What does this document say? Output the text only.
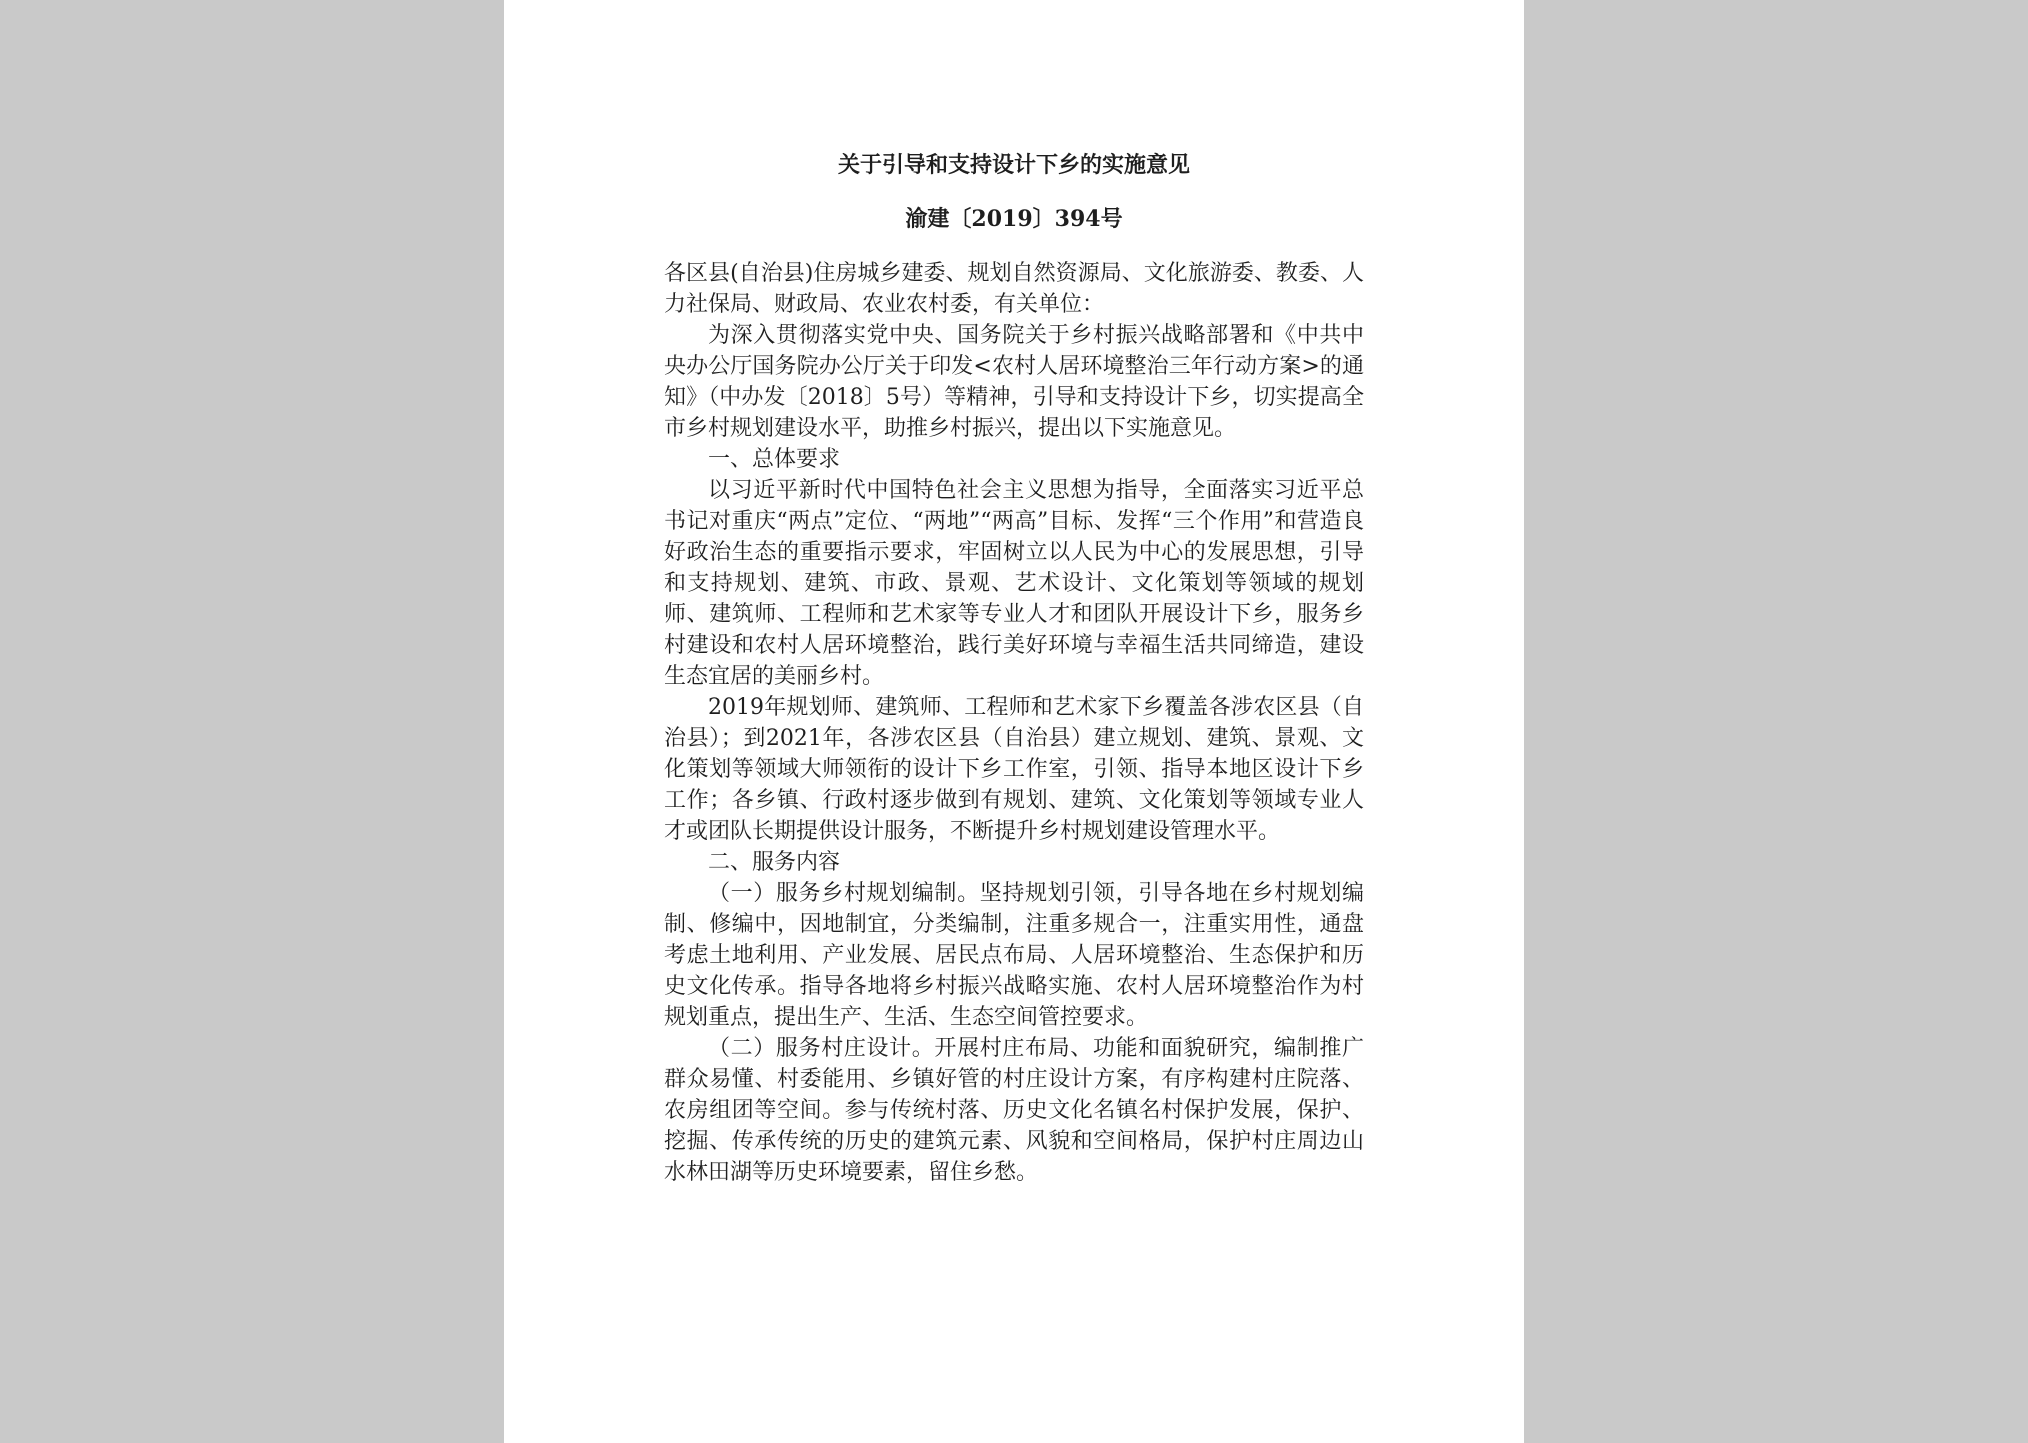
关于引导和支持设计下乡的实施意见

渝建〔2019〕394号

各区县(自治县)住房城乡建委、规划自然资源局、文化旅游委、教委、人力社保局、财政局、农业农村委，有关单位：

为深入贯彻落实党中央、国务院关于乡村振兴战略部署和《中共中央办公厅国务院办公厅关于印发<农村人居环境整治三年行动方案>的通知》（中办发〔2018〕5号）等精神，引导和支持设计下乡，切实提高全市乡村规划建设水平，助推乡村振兴，提出以下实施意见。

一、总体要求

以习近平新时代中国特色社会主义思想为指导，全面落实习近平总书记对重庆“两点”定位、“两地”“两高”目标、发挥“三个作用”和营造良好政治生态的重要指示要求，牢固树立以人民为中心的发展思想，引导和支持规划、建筑、市政、景观、艺术设计、文化策划等领域的规划师、建筑师、工程师和艺术家等专业人才和团队开展设计下乡，服务乡村建设和农村人居环境整治，践行美好环境与幸福生活共同缔造，建设生态宜居的美丽乡村。

2019年规划师、建筑师、工程师和艺术家下乡覆盖各涉农区县（自治县）；到2021年，各涉农区县（自治县）建立规划、建筑、景观、文化策划等领域大师领衔的设计下乡工作室，引领、指导本地区设计下乡工作；各乡镇、行政村逐步做到有规划、建筑、文化策划等领域专业人才或团队长期提供设计服务，不断提升乡村规划建设管理水平。

二、服务内容

（一）服务乡村规划编制。坚持规划引领，引导各地在乡村规划编制、修编中，因地制宜，分类编制，注重多规合一，注重实用性，通盘考虑土地利用、产业发展、居民点布局、人居环境整治、生态保护和历史文化传承。指导各地将乡村振兴战略实施、农村人居环境整治作为村规划重点，提出生产、生活、生态空间管控要求。

（二）服务村庄设计。开展村庄布局、功能和面貌研究，编制推广群众易懂、村委能用、乡镇好管的村庄设计方案，有序构建村庄院落、农房组团等空间。参与传统村落、历史文化名镇名村保护发展，保护、挖掘、传承传统的历史的建筑元素、风貌和空间格局，保护村庄周边山水林田湖等历史环境要素，留住乡愁。
